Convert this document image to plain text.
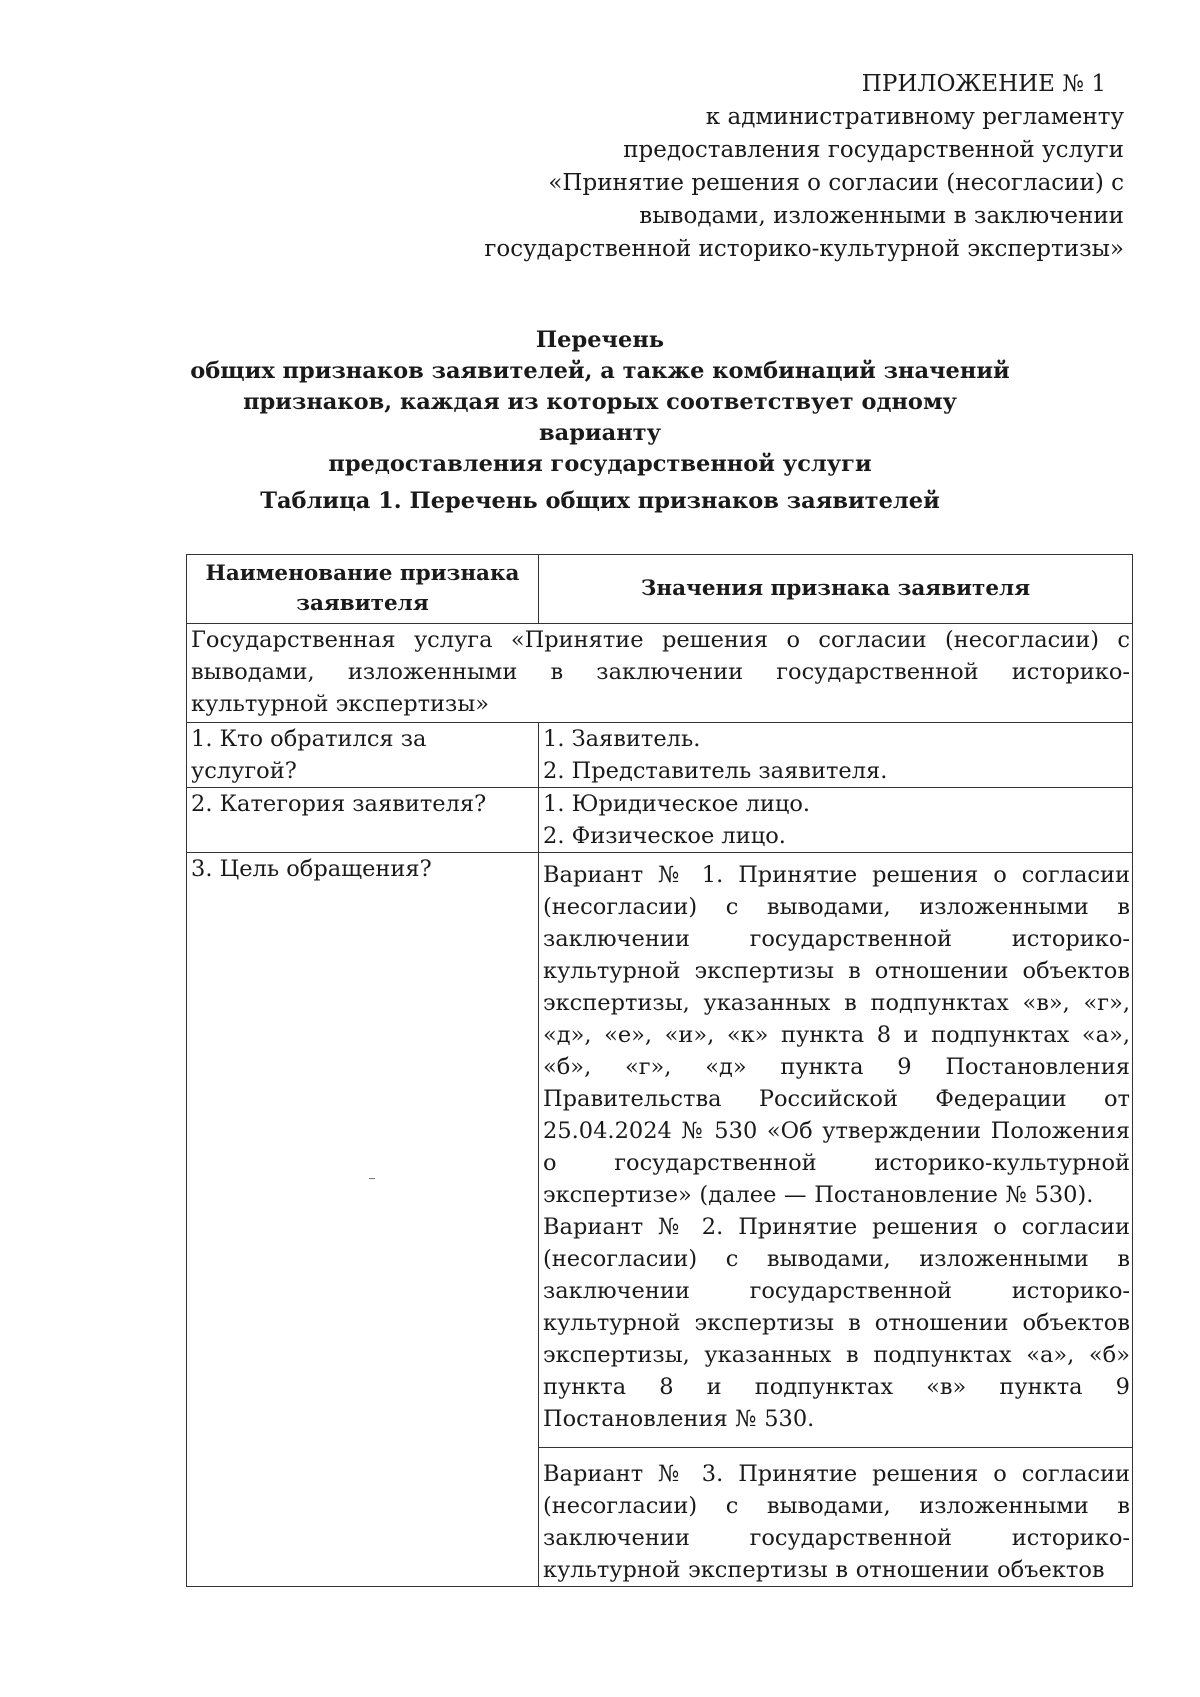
ПРИЛОЖЕНИЕ № 1
к административному регламенту
предоставления государственной услуги
«Принятие решения о согласии (несогласии) с
выводами, изложенными в заключении
государственной историко-культурной экспертизы»
Перечень
общих признаков заявителей, а также комбинаций значений
признаков, каждая из которых соответствует одному варианту
предоставления государственной услуги
Таблица 1. Перечень общих признаков заявителей
Наименование признака заявителя	Значения признака заявителя
Государственная услуга «Принятие решения о согласии (несогласии) с выводами, изложенными в заключении государственной историко-культурной экспертизы»	
1. Кто обратился за услугой?	1. Заявитель.
2. Представитель заявителя.

2. Категория заявителя?	1. Юридическое лицо.
2. Физическое лицо.

3. Цель обращения?	Вариант № 1. Принятие решения о согласии (несогласии) с выводами, изложенными в заключении государственной историко-культурной экспертизы в отношении объектов экспертизы, указанных в подпунктах «в», «г», «д», «е», «и», «к» пункта 8 и подпунктах «а», «б», «г», «д» пункта 9 Постановления Правительства Российской Федерации от 25.04.2024 № 530 «Об утверждении Положения о государственной историко-культурной экспертизе» (далее — Постановление № 530).
Вариант № 2. Принятие решения о согласии (несогласии) с выводами, изложенными в заключении государственной историко-культурной экспертизы в отношении объектов экспертизы, указанных в подпунктах «а», «б» пункта 8 и подпунктах «в» пункта 9 Постановления № 530.
Вариант № 3. Принятие решения о согласии (несогласии) с выводами, изложенными в заключении государственной историко-культурной экспертизы в отношении объектов
